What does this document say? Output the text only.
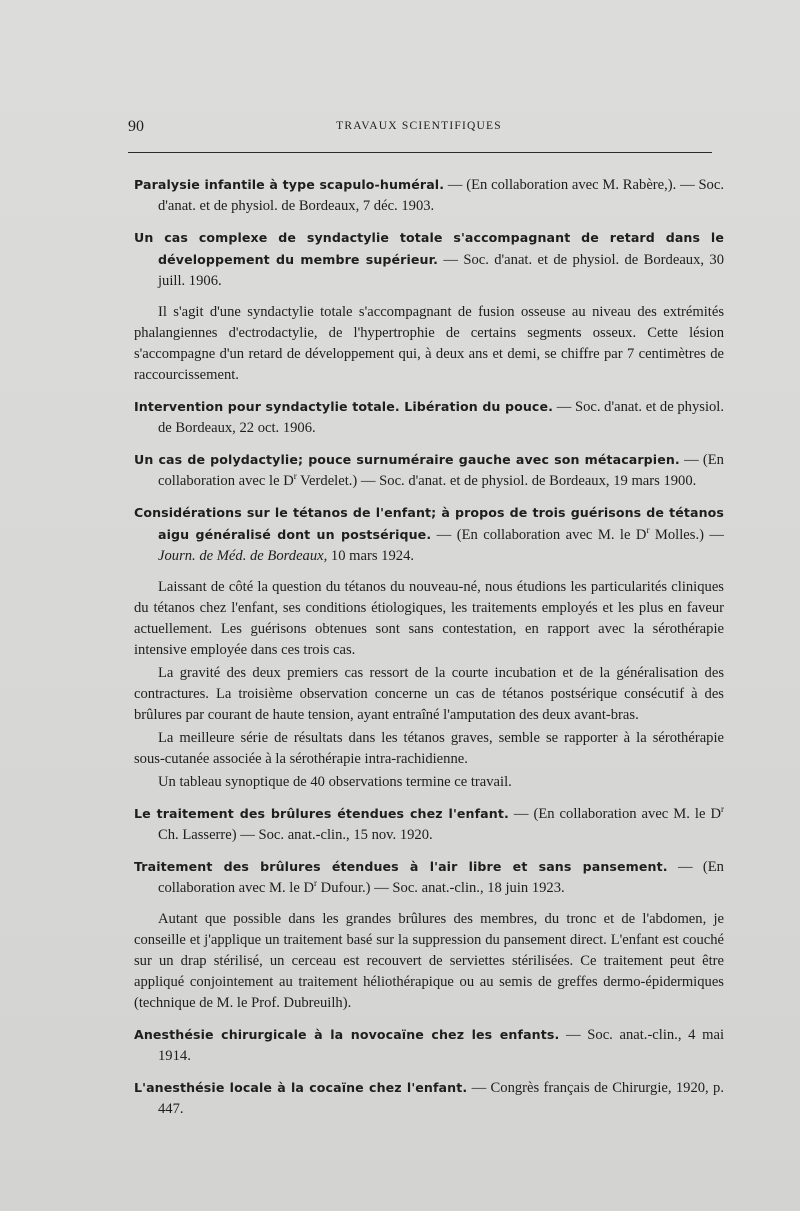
90	TRAVAUX SCIENTIFIQUES

Paralysie infantile à type scapulo-huméral. — (En collaboration avec M. Rabère,). — Soc. d'anat. et de physiol. de Bordeaux, 7 déc. 1903.

Un cas complexe de syndactylie totale s'accompagnant de retard dans le développement du membre supérieur. — Soc. d'anat. et de physiol. de Bordeaux, 30 juill. 1906.

Il s'agit d'une syndactylie totale s'accompagnant de fusion osseuse au niveau des extrémités phalangiennes d'ectrodactylie, de l'hypertrophie de certains segments osseux. Cette lésion s'accompagne d'un retard de développement qui, à deux ans et demi, se chiffre par 7 centimètres de raccourcissement.

Intervention pour syndactylie totale. Libération du pouce. — Soc. d'anat. et de physiol. de Bordeaux, 22 oct. 1906.

Un cas de polydactylie; pouce surnuméraire gauche avec son métacarpien. — (En collaboration avec le $D^r$ Verdelet.) — Soc. d'anat. et de physiol. de Bordeaux, 19 mars 1900.

Considérations sur le tétanos de l'enfant; à propos de trois guérisons de tétanos aigu généralisé dont un postsérique. — (En collaboration avec M. le $D^r$ Molles.) — Journ. de Méd. de Bordeaux, 10 mars 1924.

Laissant de côté la question du tétanos du nouveau-né, nous étudions les particularités cliniques du tétanos chez l'enfant, ses conditions étiologiques, les traitements employés et les plus en faveur actuellement. Les guérisons obtenues sont sans contestation, en rapport avec la sérothérapie intensive employée dans ces trois cas.

La gravité des deux premiers cas ressort de la courte incubation et de la généralisation des contractures. La troisième observation concerne un cas de tétanos postsérique consécutif à des brûlures par courant de haute tension, ayant entraîné l'amputation des deux avant-bras.

La meilleure série de résultats dans les tétanos graves, semble se rapporter à la sérothérapie sous-cutanée associée à la sérothérapie intra-rachidienne.

Un tableau synoptique de 40 observations termine ce travail.

Le traitement des brûlures étendues chez l'enfant. — (En collaboration avec M. le $D^r$ Ch. Lasserre) — Soc. anat.-clin., 15 nov. 1920.

Traitement des brûlures étendues à l'air libre et sans pansement. — (En collaboration avec M. le $D^r$ Dufour.) — Soc. anat.-clin., 18 juin 1923.

Autant que possible dans les grandes brûlures des membres, du tronc et de l'abdomen, je conseille et j'applique un traitement basé sur la suppression du pansement direct. L'enfant est couché sur un drap stérilisé, un cerceau est recouvert de serviettes stérilisées. Ce traitement peut être appliqué conjointement au traitement héliothérapique ou au semis de greffes dermo-épidermiques (technique de M. le Prof. Dubreuilh).

Anesthésie chirurgicale à la novocaïne chez les enfants. — Soc. anat.-clin., 4 mai 1914.

L'anesthésie locale à la cocaïne chez l'enfant. — Congrès français de Chirurgie, 1920, p. 447.
